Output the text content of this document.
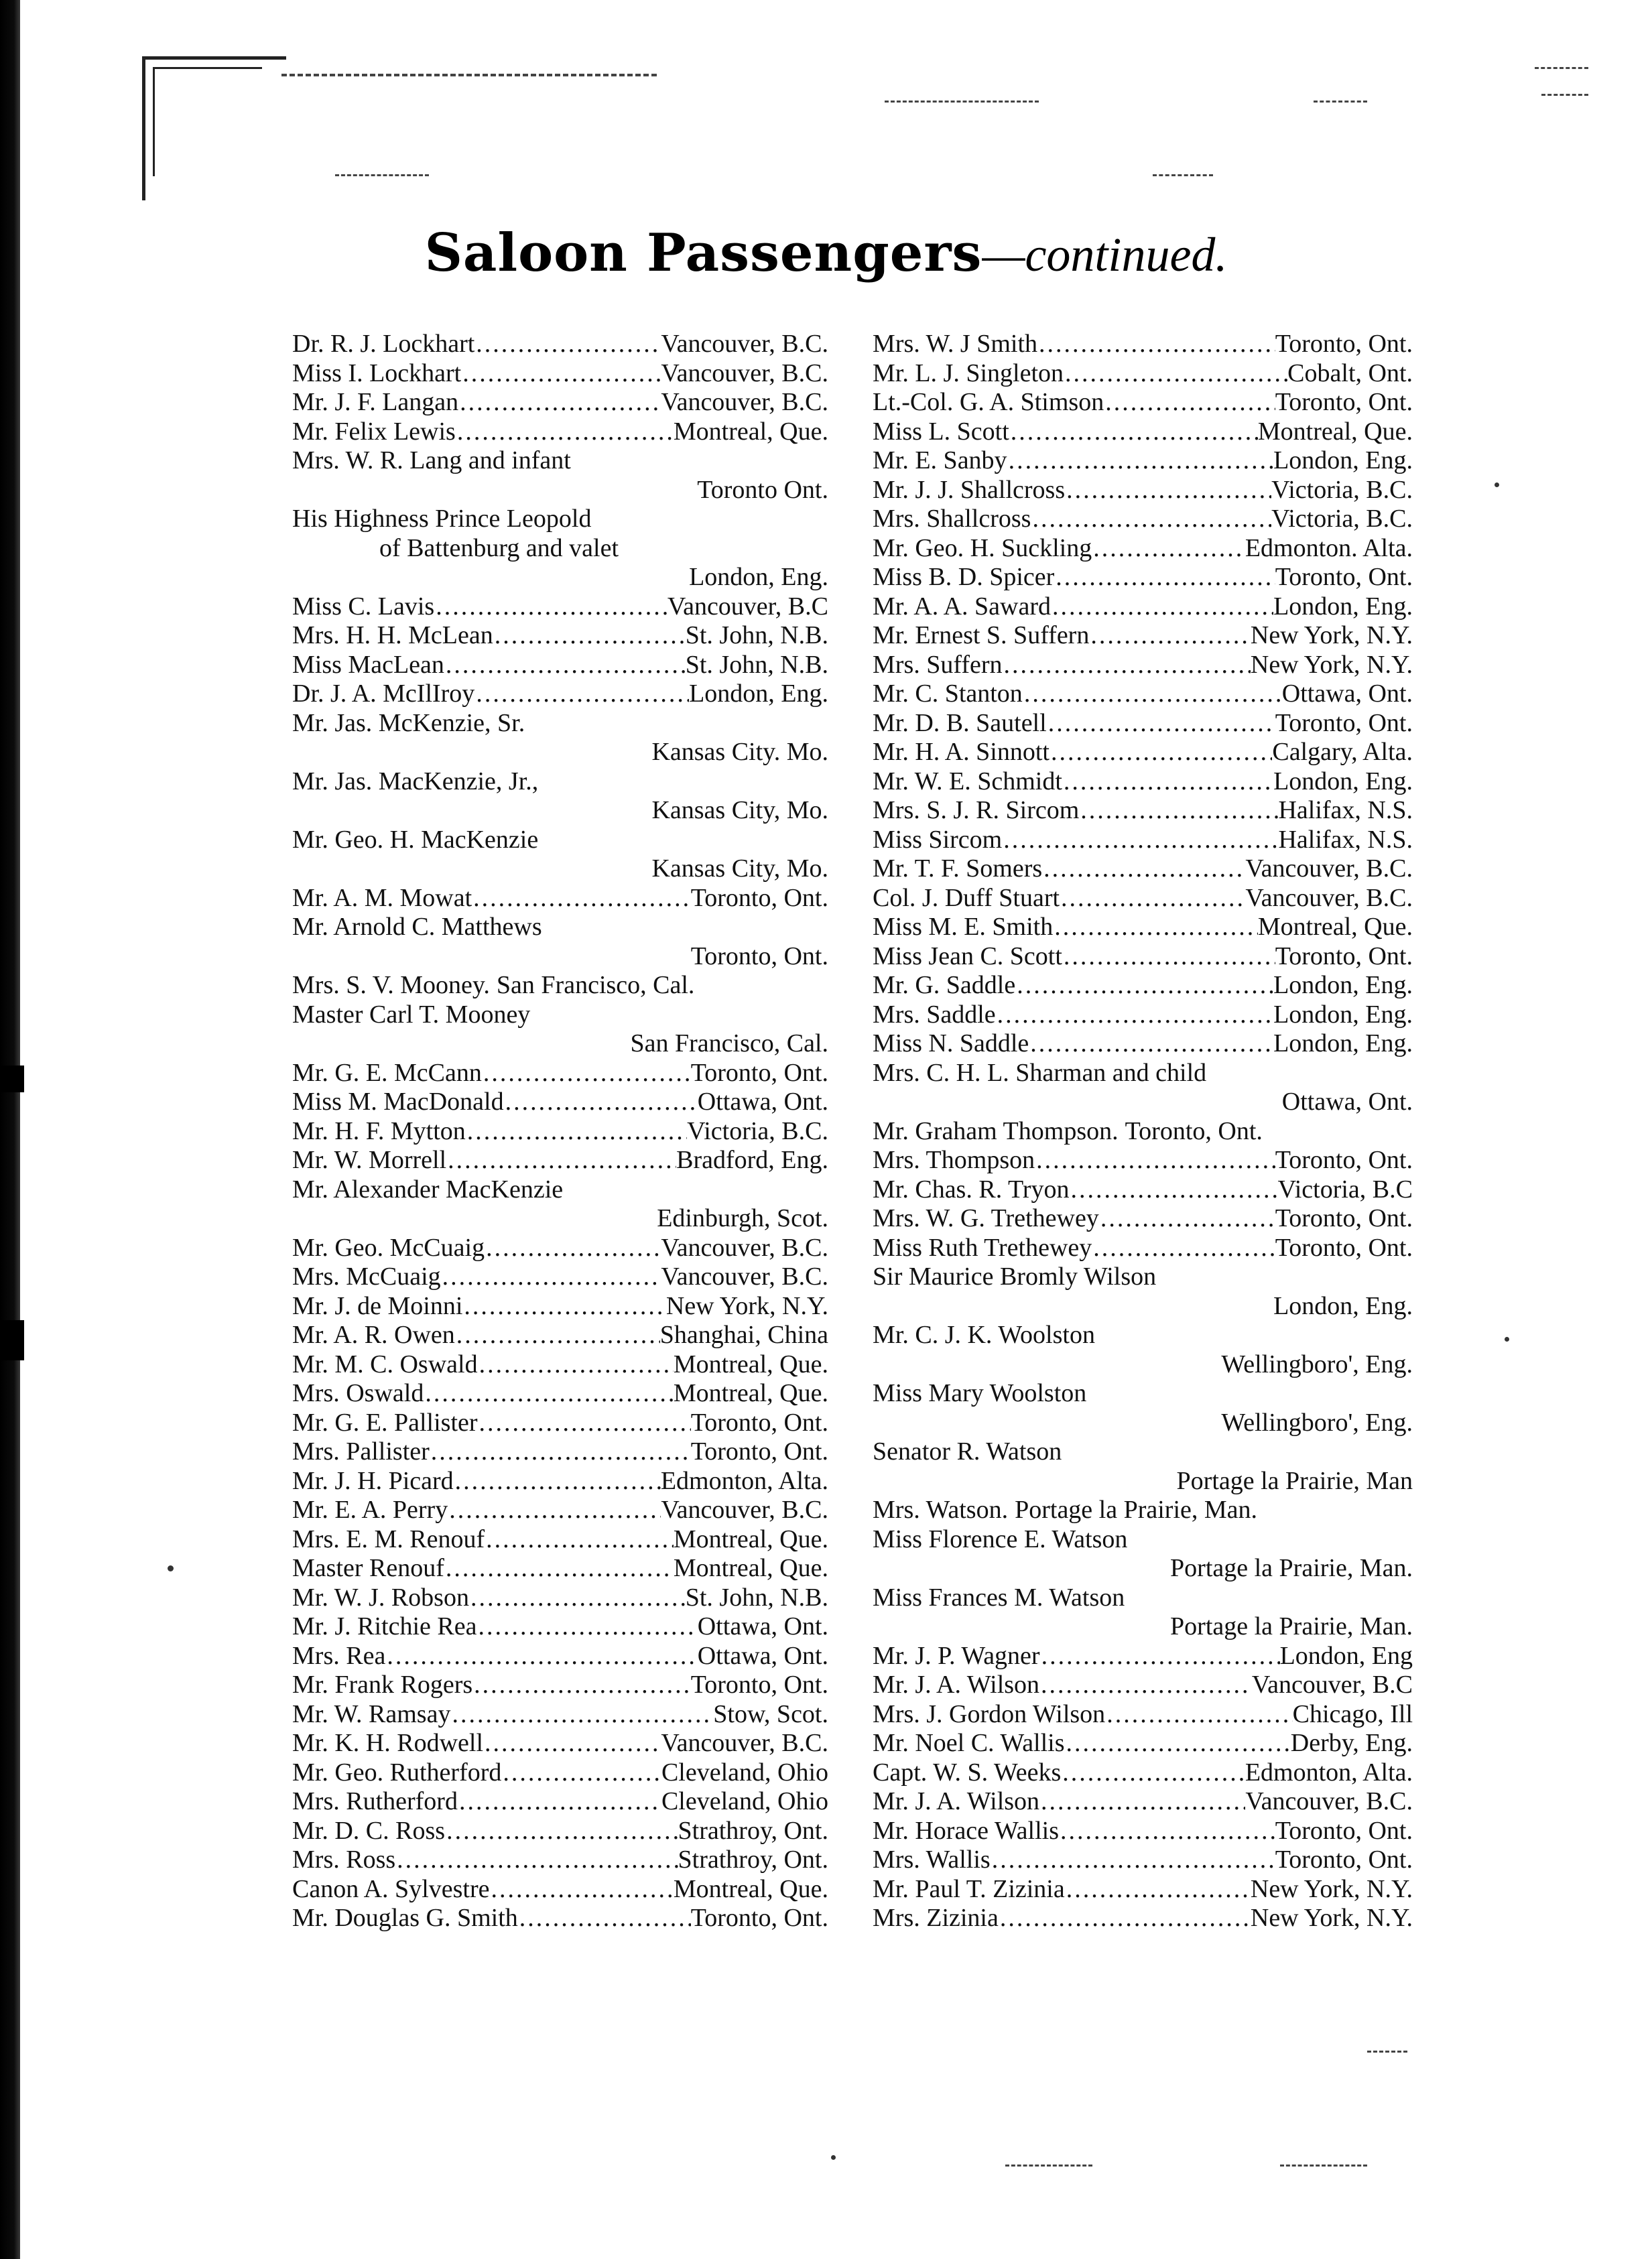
Saloon Passengers—continued.
Dr. R. J. Lockhart .....	Vancouver, B.C.
Miss I. Lockhart .....	Vancouver, B.C.
Mr. J. F. Langan .....	Vancouver, B.C.
Mr. Felix Lewis .....	Montreal, Que.
Mrs. W. R. Lang and infant
Toronto Ont.
His Highness Prince Leopold
of Battenburg and valet
London, Eng.
Miss C. Lavis .....	Vancouver, B.C
Mrs. H. H. McLean .....	St. John, N.B.
Miss MacLean .....	St. John, N.B.
Dr. J. A. McIlIroy .....	London, Eng.
Mr. Jas. McKenzie, Sr.
Kansas City. Mo.
Mr. Jas. MacKenzie, Jr.,
Kansas City, Mo.
Mr. Geo. H. MacKenzie
Kansas City, Mo.
Mr. A. M. Mowat .....	Toronto, Ont.
Mr. Arnold C. Matthews
Toronto, Ont.
Mrs. S. V. Mooney. San Francisco, Cal.
Master Carl T. Mooney
San Francisco, Cal.
Mr. G. E. McCann .....	Toronto, Ont.
Miss M. MacDonald .....	Ottawa, Ont.
Mr. H. F. Mytton .....	Victoria, B.C.
Mr. W. Morrell .....	Bradford, Eng.
Mr. Alexander MacKenzie
Edinburgh, Scot.
Mr. Geo. McCuaig .....	Vancouver, B.C.
Mrs. McCuaig .....	Vancouver, B.C.
Mr. J. de Moinni .....	New York, N.Y.
Mr. A. R. Owen .....	Shanghai, China
Mr. M. C. Oswald .....	Montreal, Que.
Mrs. Oswald .....	Montreal, Que.
Mr. G. E. Pallister .....	Toronto, Ont.
Mrs. Pallister .....	Toronto, Ont.
Mr. J. H. Picard .....	Edmonton, Alta.
Mr. E. A. Perry .....	Vancouver, B.C.
Mrs. E. M. Renouf .....	Montreal, Que.
Master Renouf .....	Montreal, Que.
Mr. W. J. Robson .....	St. John, N.B.
Mr. J. Ritchie Rea .....	Ottawa, Ont.
Mrs. Rea .....	Ottawa, Ont.
Mr. Frank Rogers .....	Toronto, Ont.
Mr. W. Ramsay .....	Stow, Scot.
Mr. K. H. Rodwell .....	Vancouver, B.C.
Mr. Geo. Rutherford .....	Cleveland, Ohio
Mrs. Rutherford .....	Cleveland, Ohio
Mr. D. C. Ross .....	Strathroy, Ont.
Mrs. Ross .....	Strathroy, Ont.
Canon A. Sylvestre .....	Montreal, Que.
Mr. Douglas G. Smith .....	Toronto, Ont.
Mrs. W. J Smith .....	Toronto, Ont.
Mr. L. J. Singleton .....	Cobalt, Ont.
Lt.-Col. G. A. Stimson .....	Toronto, Ont.
Miss L. Scott .....	Montreal, Que.
Mr. E. Sanby .....	London, Eng.
Mr. J. J. Shallcross .....	Victoria, B.C.
Mrs. Shallcross .....	Victoria, B.C.
Mr. Geo. H. Suckling .....	Edmonton. Alta.
Miss B. D. Spicer .....	Toronto, Ont.
Mr. A. A. Saward .....	London, Eng.
Mr. Ernest S. Suffern .....	New York, N.Y.
Mrs. Suffern .....	New York, N.Y.
Mr. C. Stanton .....	Ottawa, Ont.
Mr. D. B. Sautell .....	Toronto, Ont.
Mr. H. A. Sinnott .....	Calgary, Alta.
Mr. W. E. Schmidt .....	London, Eng.
Mrs. S. J. R. Sircom .....	Halifax, N.S.
Miss Sircom .....	Halifax, N.S.
Mr. T. F. Somers .....	Vancouver, B.C.
Col. J. Duff Stuart .....	Vancouver, B.C.
Miss M. E. Smith .....	Montreal, Que.
Miss Jean C. Scott .....	Toronto, Ont.
Mr. G. Saddle .....	London, Eng.
Mrs. Saddle .....	London, Eng.
Miss N. Saddle .....	London, Eng.
Mrs. C. H. L. Sharman and child
Ottawa, Ont.
Mr. Graham Thompson. Toronto, Ont.
Mrs. Thompson .....	Toronto, Ont.
Mr. Chas. R. Tryon .....	Victoria, B.C
Mrs. W. G. Trethewey .....	Toronto, Ont.
Miss Ruth Trethewey .....	Toronto, Ont.
Sir Maurice Bromly Wilson
London, Eng.
Mr. C. J. K. Woolston
Wellingboro', Eng.
Miss Mary Woolston
Wellingboro', Eng.
Senator R. Watson
Portage la Prairie, Man
Mrs. Watson. Portage la Prairie, Man.
Miss Florence E. Watson
Portage la Prairie, Man.
Miss Frances M. Watson
Portage la Prairie, Man.
Mr. J. P. Wagner .....	London, Eng
Mr. J. A. Wilson .....	Vancouver, B.C
Mrs. J. Gordon Wilson .....	Chicago, Ill
Mr. Noel C. Wallis .....	Derby, Eng.
Capt. W. S. Weeks .....	Edmonton, Alta.
Mr. J. A. Wilson .....	Vancouver, B.C.
Mr. Horace Wallis .....	Toronto, Ont.
Mrs. Wallis .....	Toronto, Ont.
Mr. Paul T. Zizinia .....	New York, N.Y.
Mrs. Zizinia .....	New York, N.Y.
